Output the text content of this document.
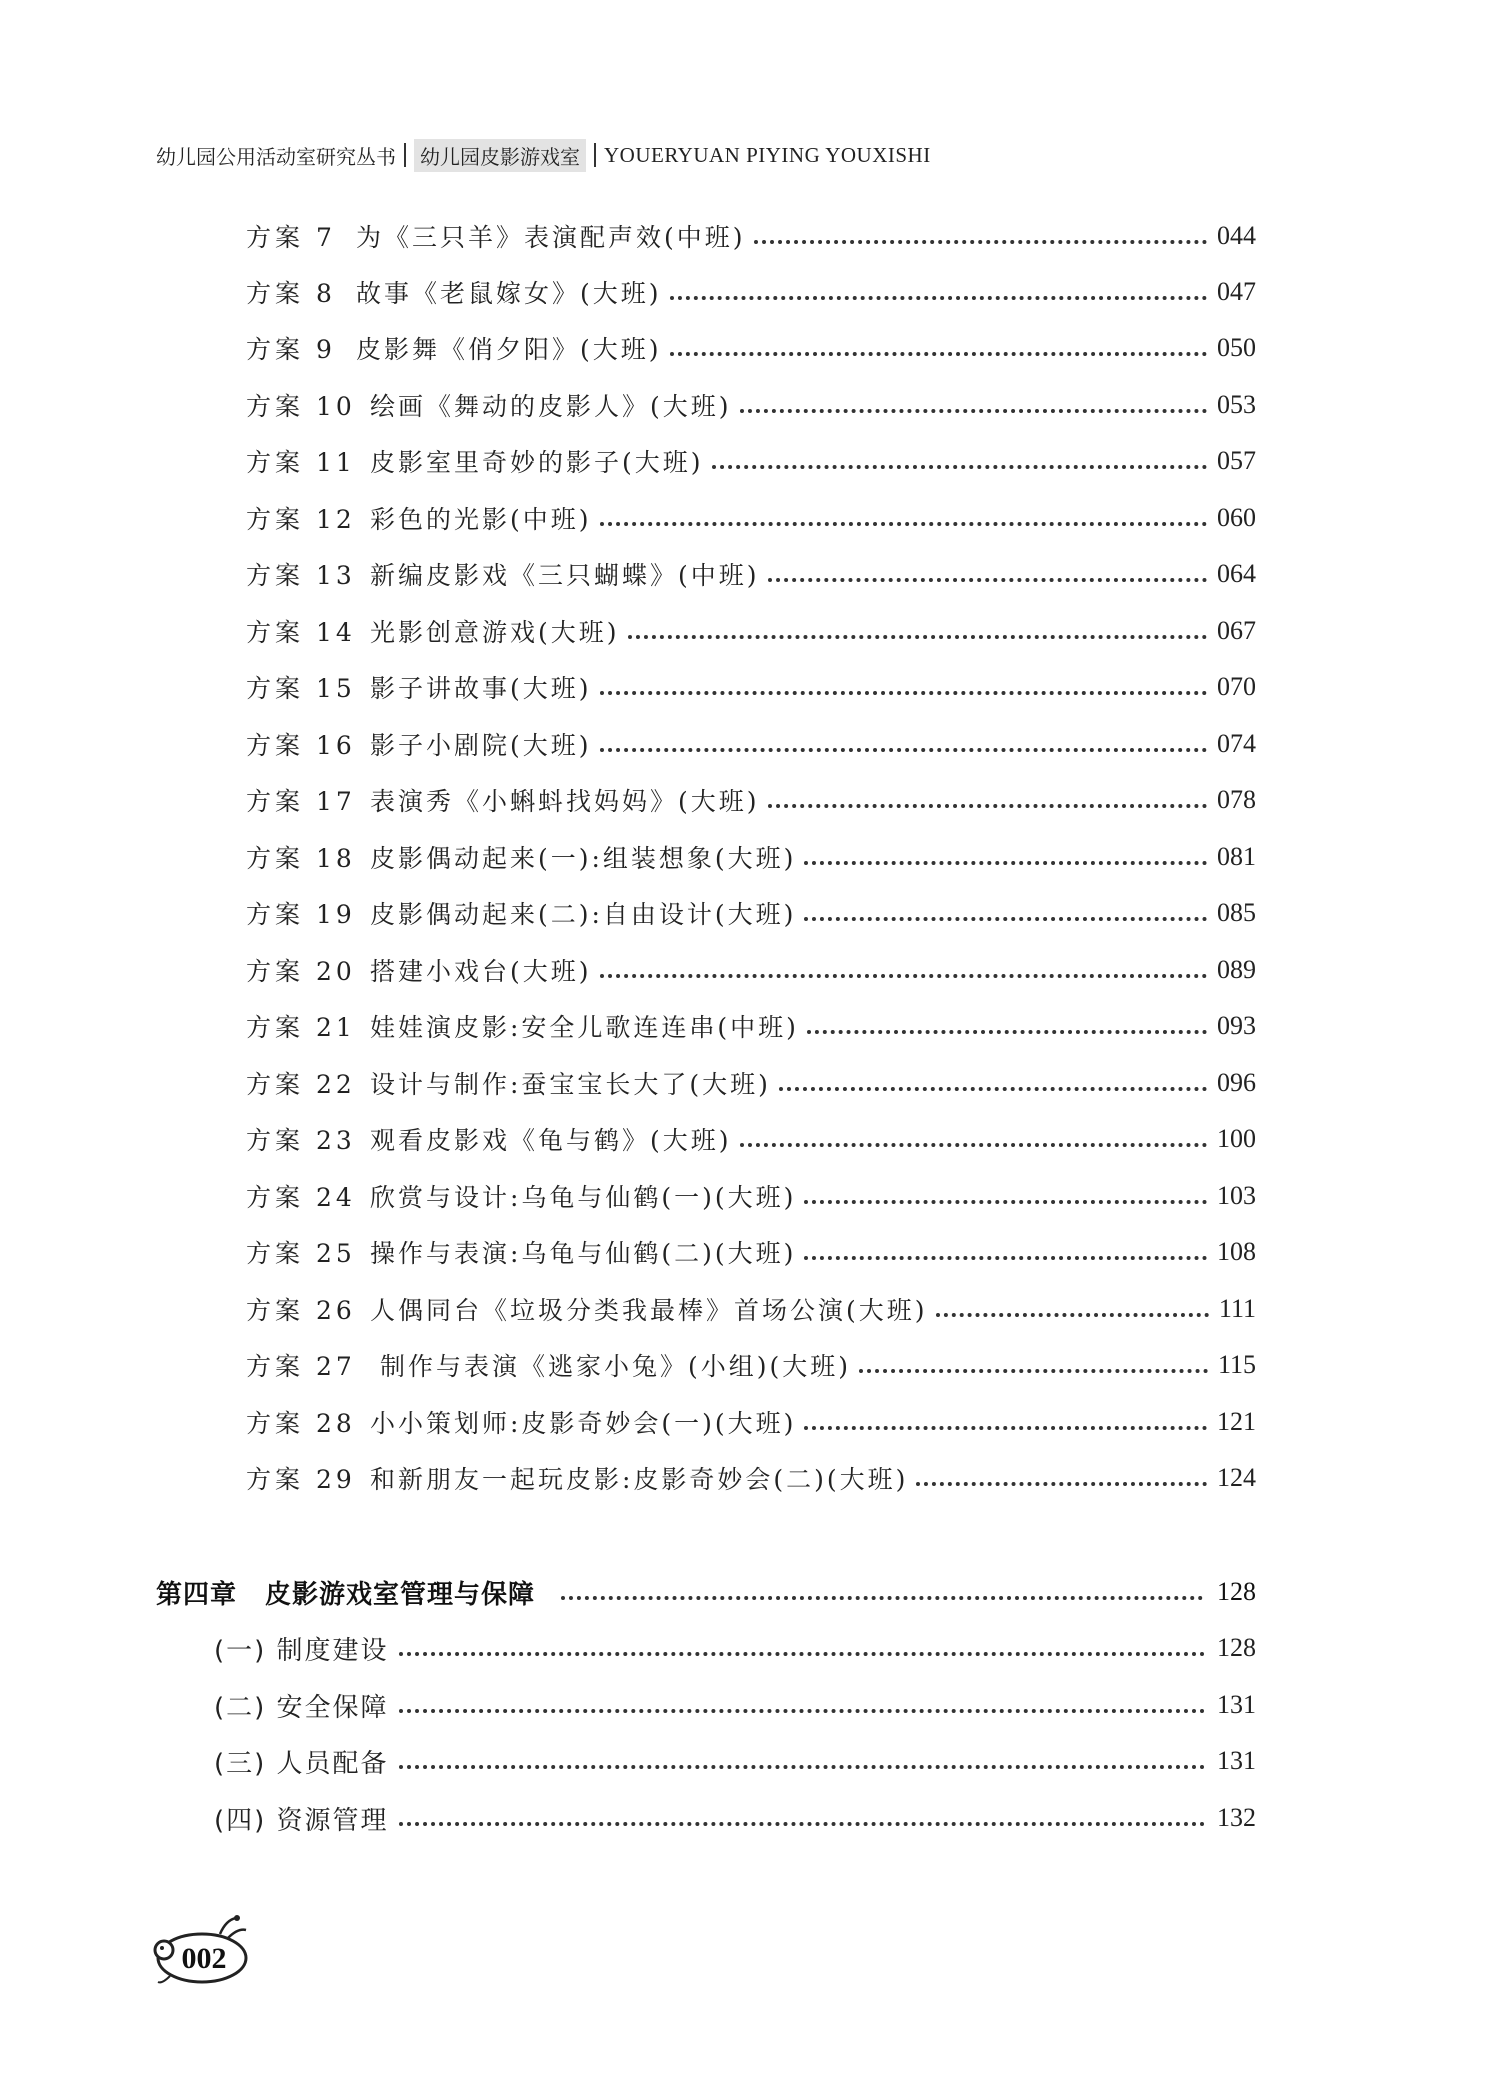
幼儿园公用活动室研究丛书	幼儿园皮影游戏室 YOUERYUAN PIYING YOUXISHI
方案 7 为《三只羊》表演配声效(中班)	044
方案 8 故事《老鼠嫁女》(大班)	047
方案 9 皮影舞《俏夕阳》(大班)	050
方案 10 绘画《舞动的皮影人》(大班)	053
方案 11 皮影室里奇妙的影子(大班)	057
方案 12 彩色的光影(中班)	060
方案 13 新编皮影戏《三只蝴蝶》(中班)	064
方案 14 光影创意游戏(大班)	067
方案 15 影子讲故事(大班)	070
方案 16 影子小剧院(大班)	074
方案 17 表演秀《小蝌蚪找妈妈》(大班)	078
方案 18 皮影偶动起来(一):组装想象(大班)	081
方案 19 皮影偶动起来(二):自由设计(大班)	085
方案 20 搭建小戏台(大班)	089
方案 21 娃娃演皮影:安全儿歌连连串(中班)	093
方案 22 设计与制作:蚕宝宝长大了(大班)	096
方案 23 观看皮影戏《龟与鹤》(大班)	100
方案 24 欣赏与设计:乌龟与仙鹤(一)(大班)	103
方案 25 操作与表演:乌龟与仙鹤(二)(大班)	108
方案 26 人偶同台《垃圾分类我最棒》首场公演(大班)	111
方案 27 制作与表演《逃家小兔》(小组)(大班)	115
方案 28 小小策划师:皮影奇妙会(一)(大班)	121
方案 29 和新朋友一起玩皮影:皮影奇妙会(二)(大班)	124
第四章 皮影游戏室管理与保障	128
(一) 制度建设	128
(二) 安全保障	131
(三) 人员配备	131
(四) 资源管理	132
002
